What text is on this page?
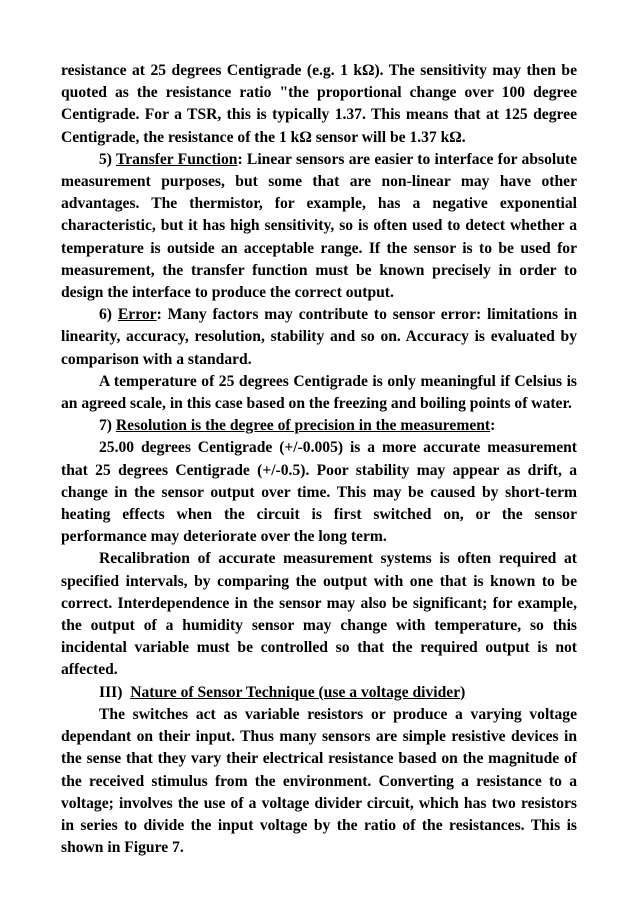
resistance at 25 degrees Centigrade (e.g. 1 kΩ). The sensitivity may then be quoted as the resistance ratio "the proportional change over 100 degree Centigrade. For a TSR, this is typically 1.37. This means that at 125 degree Centigrade, the resistance of the 1 kΩ sensor will be 1.37 kΩ.

5) Transfer Function: Linear sensors are easier to interface for absolute measurement purposes, but some that are non-linear may have other advantages. The thermistor, for example, has a negative exponential characteristic, but it has high sensitivity, so is often used to detect whether a temperature is outside an acceptable range. If the sensor is to be used for measurement, the transfer function must be known precisely in order to design the interface to produce the correct output.

6) Error: Many factors may contribute to sensor error: limitations in linearity, accuracy, resolution, stability and so on. Accuracy is evaluated by comparison with a standard.

A temperature of 25 degrees Centigrade is only meaningful if Celsius is an agreed scale, in this case based on the freezing and boiling points of water.

7) Resolution is the degree of precision in the measurement:

25.00 degrees Centigrade (+/-0.005) is a more accurate measurement that 25 degrees Centigrade (+/-0.5). Poor stability may appear as drift, a change in the sensor output over time. This may be caused by short-term heating effects when the circuit is first switched on, or the sensor performance may deteriorate over the long term.

Recalibration of accurate measurement systems is often required at specified intervals, by comparing the output with one that is known to be correct. Interdependence in the sensor may also be significant; for example, the output of a humidity sensor may change with temperature, so this incidental variable must be controlled so that the required output is not affected.

III)  Nature of Sensor Technique (use a voltage divider)

The switches act as variable resistors or produce a varying voltage dependant on their input. Thus many sensors are simple resistive devices in the sense that they vary their electrical resistance based on the magnitude of the received stimulus from the environment. Converting a resistance to a voltage; involves the use of a voltage divider circuit, which has two resistors in series to divide the input voltage by the ratio of the resistances. This is shown in Figure 7.
